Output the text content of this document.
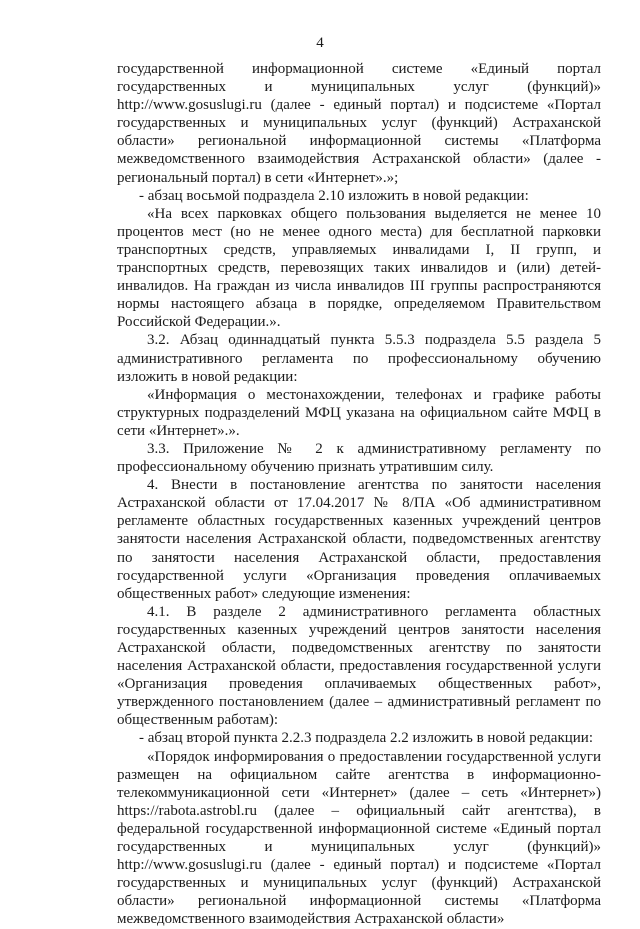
4

государственной информационной системе «Единый портал государственных и муниципальных услуг (функций)» http://www.gosuslugi.ru (далее - единый портал) и подсистеме «Портал государственных и муниципальных услуг (функций) Астраханской области» региональной информационной системы «Платформа межведомственного взаимодействия Астраханской области» (далее - региональный портал) в сети «Интернет».»;

- абзац восьмой подраздела 2.10 изложить в новой редакции:

«На всех парковках общего пользования выделяется не менее 10 процентов мест (но не менее одного места) для бесплатной парковки транспортных средств, управляемых инвалидами I, II групп, и транспортных средств, перевозящих таких инвалидов и (или) детей-инвалидов. На граждан из числа инвалидов III группы распространяются нормы настоящего абзаца в порядке, определяемом Правительством Российской Федерации.».

3.2. Абзац одиннадцатый пункта 5.5.3 подраздела 5.5 раздела 5 административного регламента по профессиональному обучению изложить в новой редакции:

«Информация о местонахождении, телефонах и графике работы структурных подразделений МФЦ указана на официальном сайте МФЦ в сети «Интернет».».

3.3. Приложение № 2 к административному регламенту по профессиональному обучению признать утратившим силу.

4. Внести в постановление агентства по занятости населения Астраханской области от 17.04.2017 № 8/ПА «Об административном регламенте областных государственных казенных учреждений центров занятости населения Астраханской области, подведомственных агентству по занятости населения Астраханской области, предоставления государственной услуги «Организация проведения оплачиваемых общественных работ» следующие изменения:

4.1. В разделе 2 административного регламента областных государственных казенных учреждений центров занятости населения Астраханской области, подведомственных агентству по занятости населения Астраханской области, предоставления государственной услуги «Организация проведения оплачиваемых общественных работ», утвержденного постановлением (далее – административный регламент по общественным работам):

- абзац второй пункта 2.2.3 подраздела 2.2 изложить в новой редакции:

«Порядок информирования о предоставлении государственной услуги размещен на официальном сайте агентства в информационно-телекоммуникационной сети «Интернет» (далее – сеть «Интернет») https://rabota.astrobl.ru (далее – официальный сайт агентства), в федеральной государственной информационной системе «Единый портал государственных и муниципальных услуг (функций)» http://www.gosuslugi.ru (далее - единый портал) и подсистеме «Портал государственных и муниципальных услуг (функций) Астраханской области» региональной информационной системы «Платформа межведомственного взаимодействия Астраханской области»
